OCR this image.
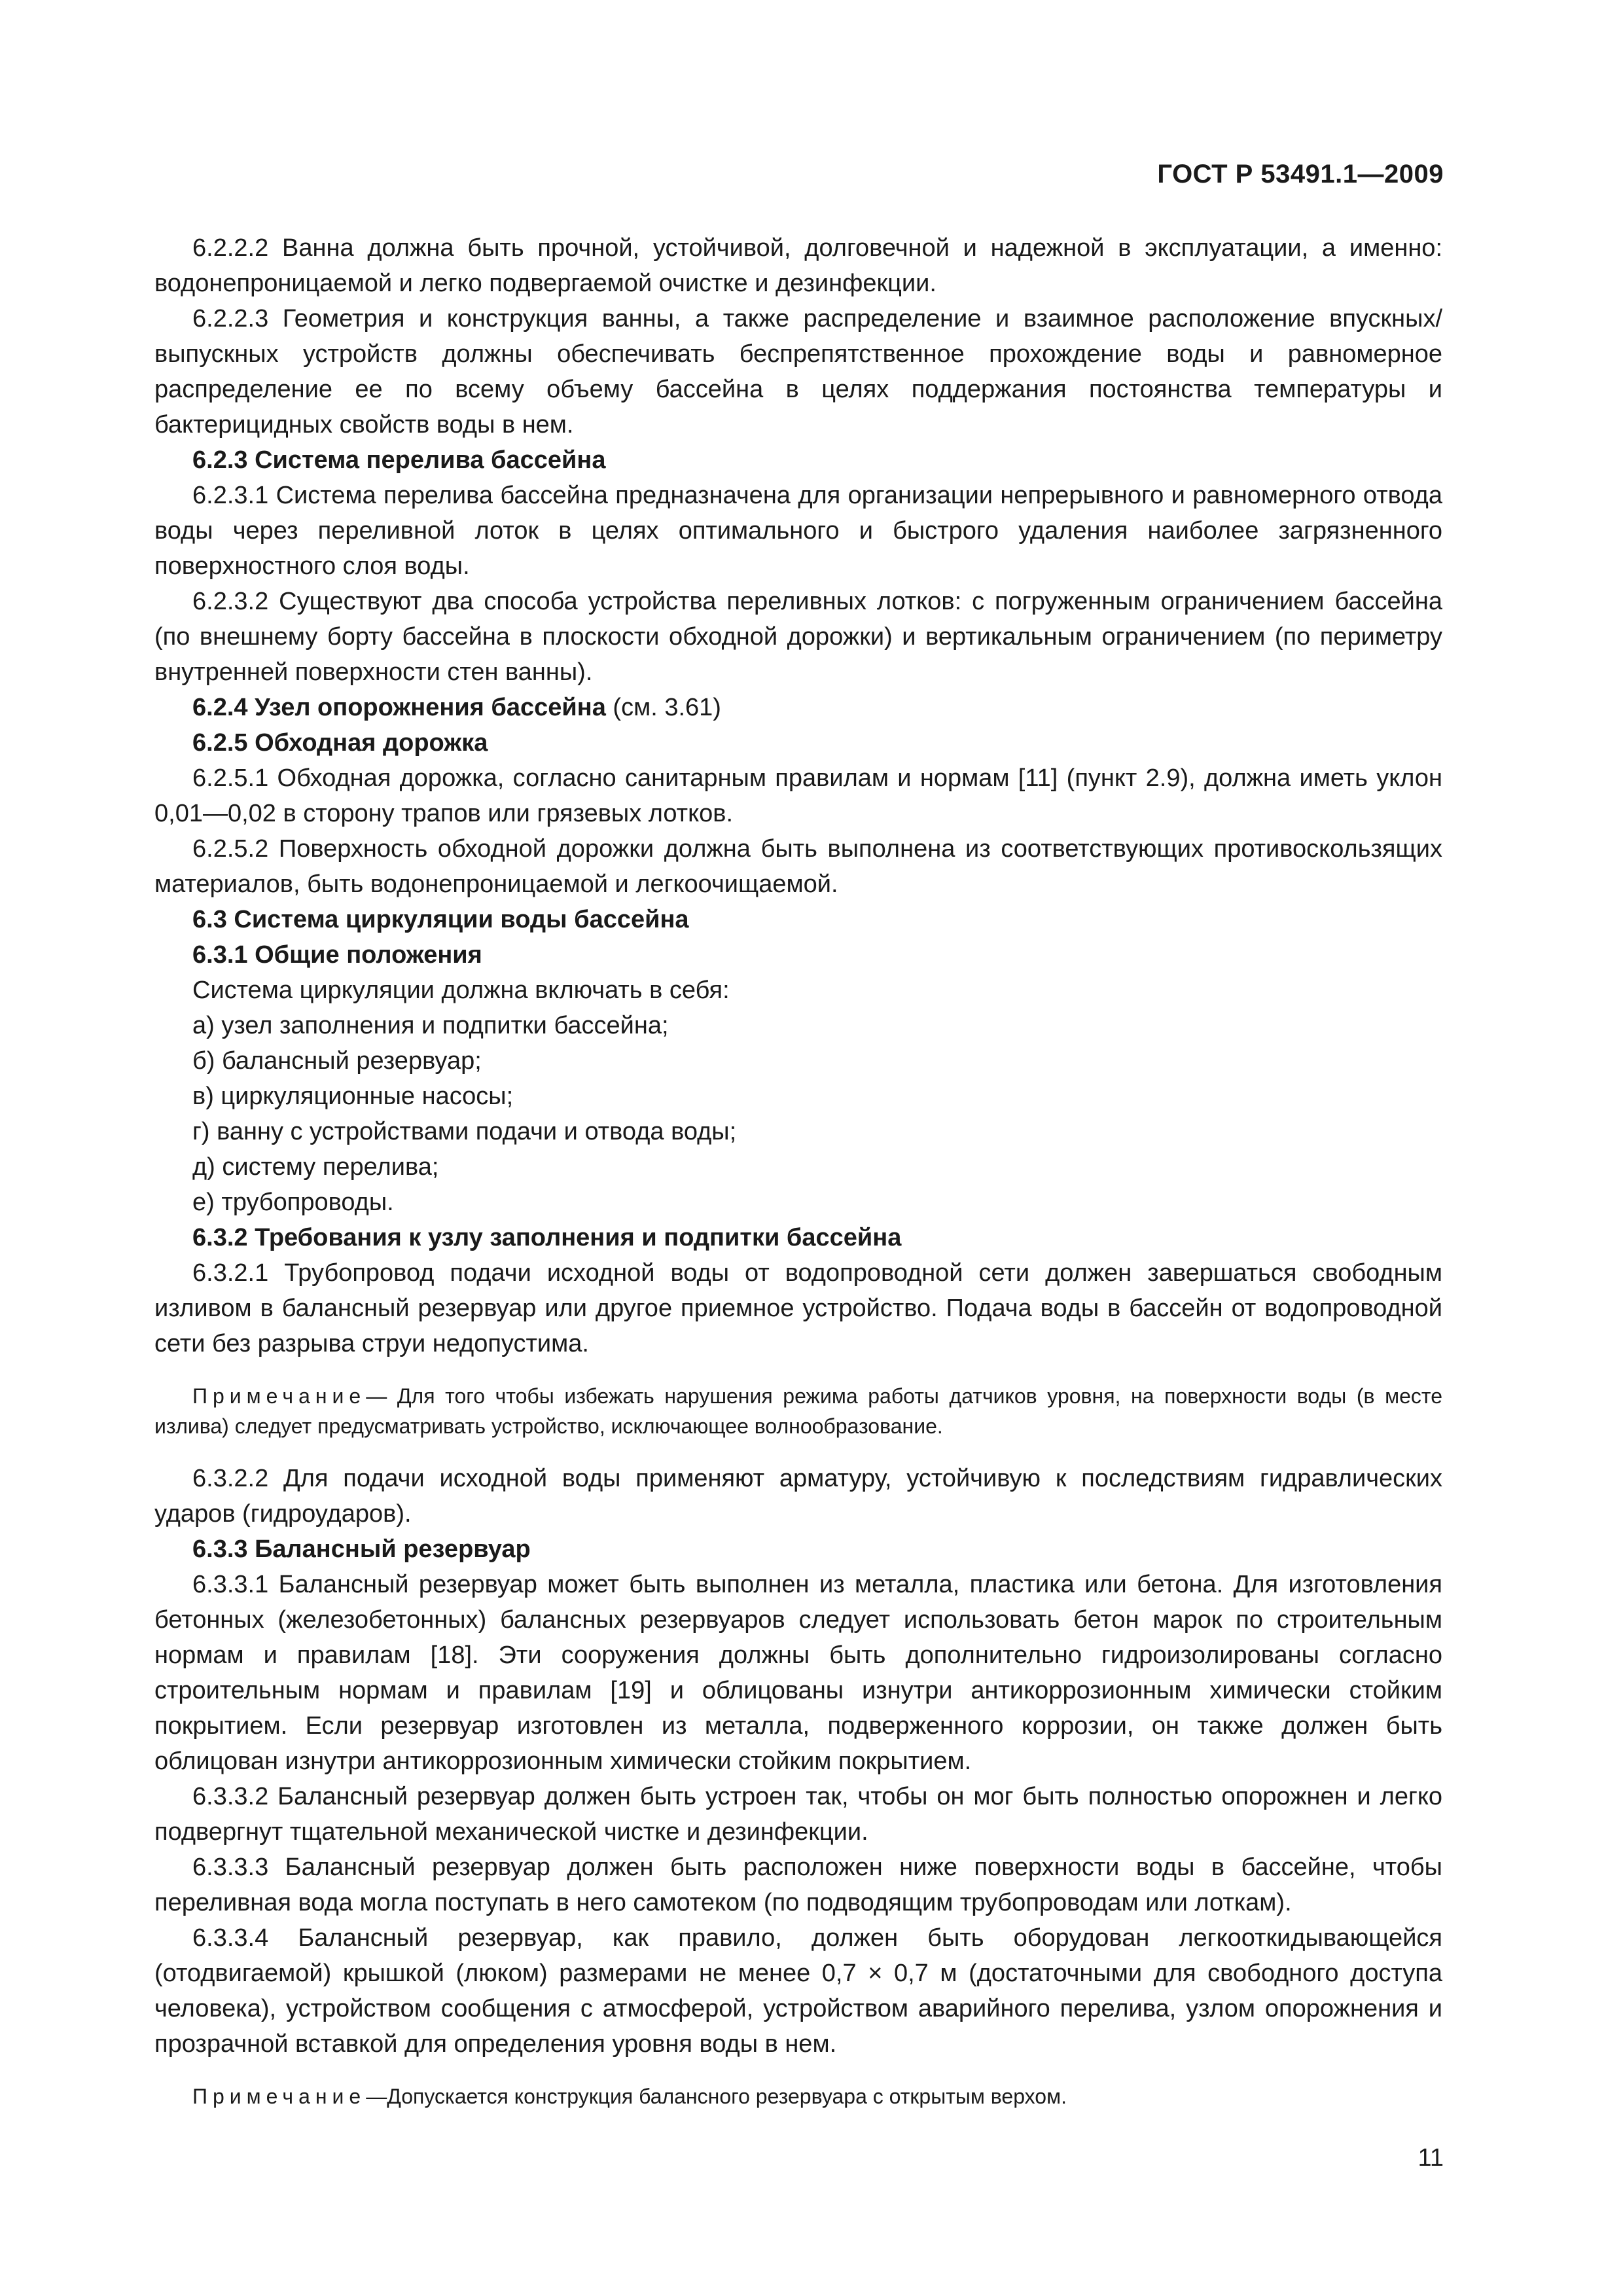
ГОСТ Р 53491.1—2009

6.2.2.2 Ванна должна быть прочной, устойчивой, долговечной и надежной в эксплуатации, а именно: водонепроницаемой и легко подвергаемой очистке и дезинфекции.

6.2.2.3 Геометрия и конструкция ванны, а также распределение и взаимное расположение впускных/выпускных устройств должны обеспечивать беспрепятственное прохождение воды и равномерное распределение ее по всему объему бассейна в целях поддержания постоянства температуры и бактерицидных свойств воды в нем.

6.2.3 Система перелива бассейна

6.2.3.1 Система перелива бассейна предназначена для организации непрерывного и равномерного отвода воды через переливной лоток в целях оптимального и быстрого удаления наиболее загрязненного поверхностного слоя воды.

6.2.3.2 Существуют два способа устройства переливных лотков: с погруженным ограничением бассейна (по внешнему борту бассейна в плоскости обходной дорожки) и вертикальным ограничением (по периметру внутренней поверхности стен ванны).

6.2.4 Узел опорожнения бассейна (см. 3.61)

6.2.5 Обходная дорожка

6.2.5.1 Обходная дорожка, согласно санитарным правилам и нормам [11] (пункт 2.9), должна иметь уклон 0,01—0,02 в сторону трапов или грязевых лотков.

6.2.5.2 Поверхность обходной дорожки должна быть выполнена из соответствующих противоскользящих материалов, быть водонепроницаемой и легкоочищаемой.

6.3 Система циркуляции воды бассейна

6.3.1 Общие положения

Система циркуляции должна включать в себя:

а) узел заполнения и подпитки бассейна;

б) балансный резервуар;

в) циркуляционные насосы;

г) ванну с устройствами подачи и отвода воды;

д) систему перелива;

е) трубопроводы.

6.3.2 Требования к узлу заполнения и подпитки бассейна

6.3.2.1 Трубопровод подачи исходной воды от водопроводной сети должен завершаться свободным изливом в балансный резервуар или другое приемное устройство. Подача воды в бассейн от водопроводной сети без разрыва струи недопустима.

Примечание— Для того чтобы избежать нарушения режима работы датчиков уровня, на поверхности воды (в месте излива) следует предусматривать устройство, исключающее волнообразование.

6.3.2.2 Для подачи исходной воды применяют арматуру, устойчивую к последствиям гидравлических ударов (гидроударов).

6.3.3 Балансный резервуар

6.3.3.1 Балансный резервуар может быть выполнен из металла, пластика или бетона. Для изготовления бетонных (железобетонных) балансных резервуаров следует использовать бетон марок по строительным нормам и правилам [18]. Эти сооружения должны быть дополнительно гидроизолированы согласно строительным нормам и правилам [19] и облицованы изнутри антикоррозионным химически стойким покрытием. Если резервуар изготовлен из металла, подверженного коррозии, он также должен быть облицован изнутри антикоррозионным химически стойким покрытием.

6.3.3.2 Балансный резервуар должен быть устроен так, чтобы он мог быть полностью опорожнен и легко подвергнут тщательной механической чистке и дезинфекции.

6.3.3.3 Балансный резервуар должен быть расположен ниже поверхности воды в бассейне, чтобы переливная вода могла поступать в него самотеком (по подводящим трубопроводам или лоткам).

6.3.3.4 Балансный резервуар, как правило, должен быть оборудован легкооткидывающейся (отодвигаемой) крышкой (люком) размерами не менее 0,7 × 0,7 м (достаточными для свободного доступа человека), устройством сообщения с атмосферой, устройством аварийного перелива, узлом опорожнения и прозрачной вставкой для определения уровня воды в нем.

Примечание—Допускается конструкция балансного резервуара с открытым верхом.

11
